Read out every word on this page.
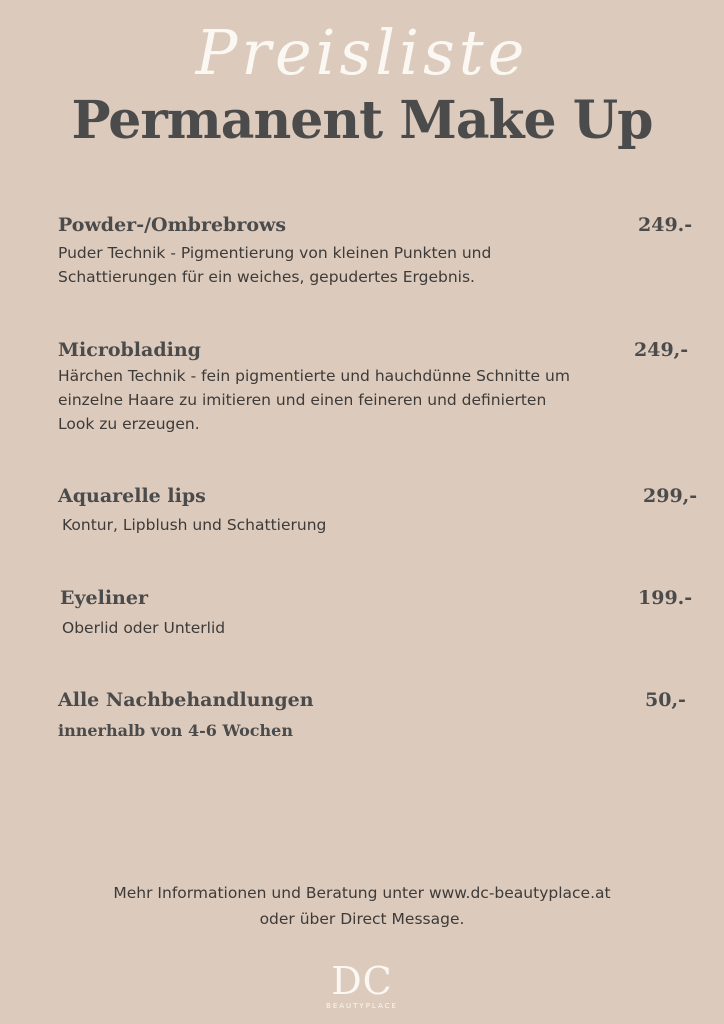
Preisliste
Permanent Make Up
Powder-/Ombrebrows	249.-
Puder Technik - Pigmentierung von kleinen Punkten und
Schattierungen für ein weiches, gepudertes Ergebnis.
Microblading	249,-
Härchen Technik - fein pigmentierte und hauchdünne Schnitte um
einzelne Haare zu imitieren und einen feineren und definierten
Look zu erzeugen.
Aquarelle lips	299,-
Kontur, Lipblush und Schattierung
Eyeliner	199.-
Oberlid oder Unterlid
Alle Nachbehandlungen	50,-
innerhalb von 4-6 Wochen
Mehr Informationen und Beratung unter www.dc-beautyplace.at
oder über Direct Message.
DC
BEAUTYPLACE
